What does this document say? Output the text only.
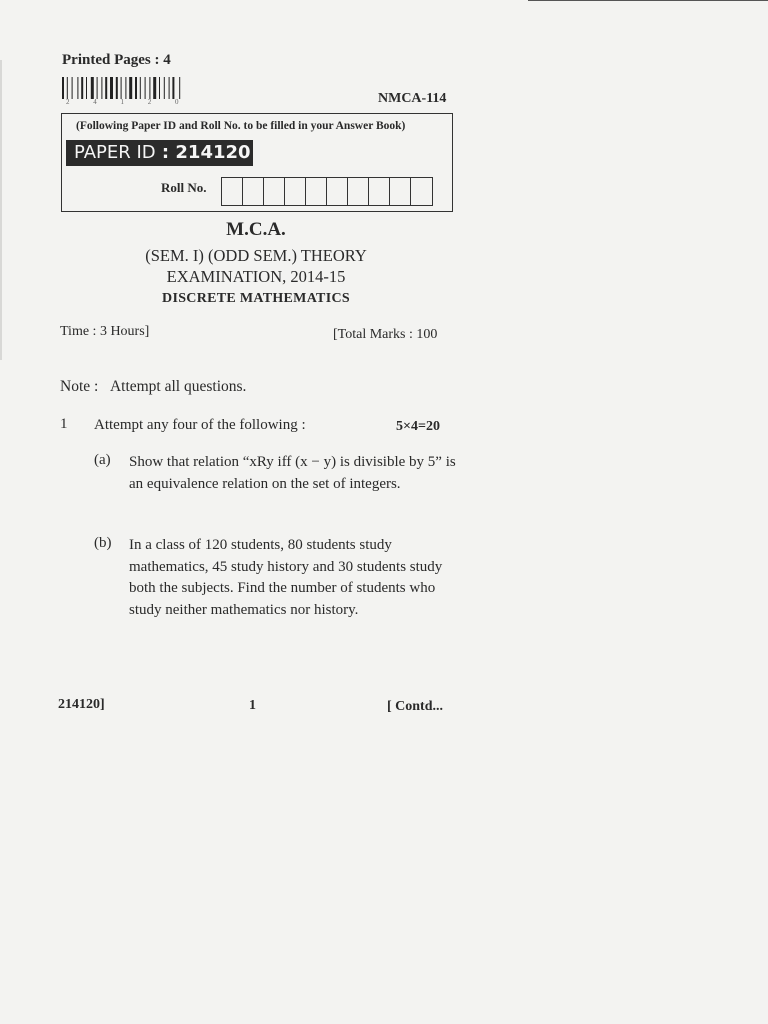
Printed Pages : 4
2 4 1 2 0	NMCA-114
(Following Paper ID and Roll No. to be filled in your Answer Book)
PAPER ID : 214120
Roll No.
M.C.A.
(SEM. I) (ODD SEM.) THEORY
EXAMINATION, 2014-15
DISCRETE MATHEMATICS
Time : 3 Hours]	[Total Marks : 100
Note : Attempt all questions.
1 Attempt any four of the following :	5×4=20
(a) Show that relation “xRy iff (x − y) is divisible by 5” is an equivalence relation on the set of integers.
(b) In a class of 120 students, 80 students study mathematics, 45 study history and 30 students study both the subjects. Find the number of students who study neither mathematics nor history.
214120]	1	[ Contd...
